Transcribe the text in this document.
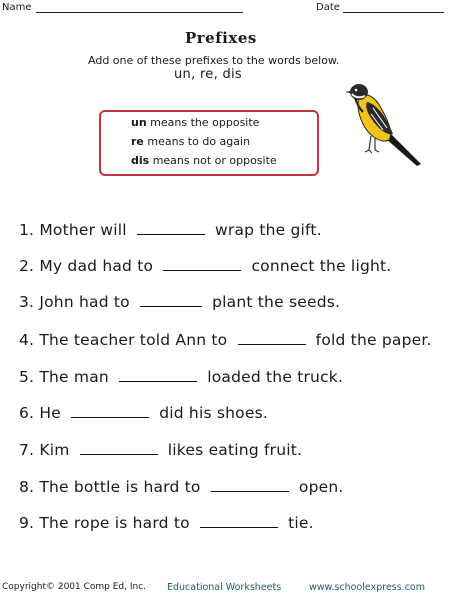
Name	Date
Prefixes
Add one of these prefixes to the words below.
un, re, dis
un means the opposite
re means to do again
dis means not or opposite
1. Mother will	wrap the gift.
2. My dad had to	connect the light.
3. John had to	plant the seeds.
4. The teacher told Ann to	fold the paper.
5. The man	loaded the truck.
6. He	did his shoes.
7. Kim	likes eating fruit.
8. The bottle is hard to	open.
9. The rope is hard to	tie.
Copyright© 2001 Comp Ed, Inc. Educational Worksheets	www.schoolexpress.com
